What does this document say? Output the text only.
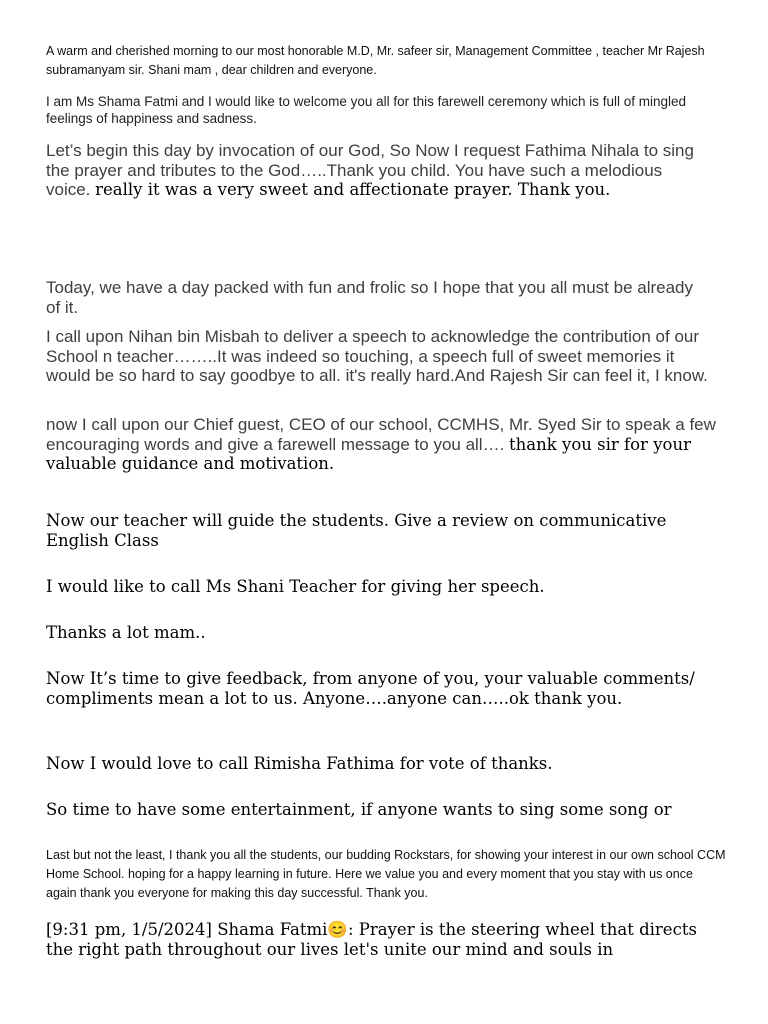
A warm and cherished morning to our most honorable M.D, Mr. safeer sir, Management Committee , teacher Mr Rajesh subramanyam sir. Shani mam , dear children and everyone.

I am Ms Shama Fatmi and I would like to welcome you all for this farewell ceremony which is full of mingled feelings of happiness and sadness.

Let’s begin this day by invocation of our God, So Now I request Fathima Nihala to sing the prayer and tributes to the God…..Thank you child. You have such a melodious voice. really it was a very sweet and affectionate prayer. Thank you.

Today, we have a day packed with fun and frolic so I hope that you all must be already of it.

I call upon Nihan bin Misbah to deliver a speech to acknowledge the contribution of our School n teacher……..It was indeed so touching, a speech full of sweet memories it would be so hard to say goodbye to all. it's really hard.And Rajesh Sir can feel it, I know.

now I call upon our Chief guest, CEO of our school, CCMHS, Mr. Syed Sir to speak a few encouraging words and give a farewell message to you all…. thank you sir for your valuable guidance and motivation.

Now our teacher will guide the students. Give a review on communicative English Class

I would like to call Ms Shani Teacher for giving her speech.

Thanks a lot mam..

Now It’s time to give feedback, from anyone of you, your valuable comments/ compliments mean a lot to us. Anyone….anyone can…..ok thank you.

Now I would love to call Rimisha Fathima for vote of thanks.

So time to have some entertainment, if anyone wants to sing some song or

Last but not the least, I thank you all the students, our budding Rockstars, for showing your interest in our own school CCM Home School. hoping for a happy learning in future. Here we value you and every moment that you stay with us once again thank you everyone for making this day successful. Thank you.

[9:31 pm, 1/5/2024] Shama Fatmi😊: Prayer is the steering wheel that directs the right path throughout our lives let's unite our mind and souls in
